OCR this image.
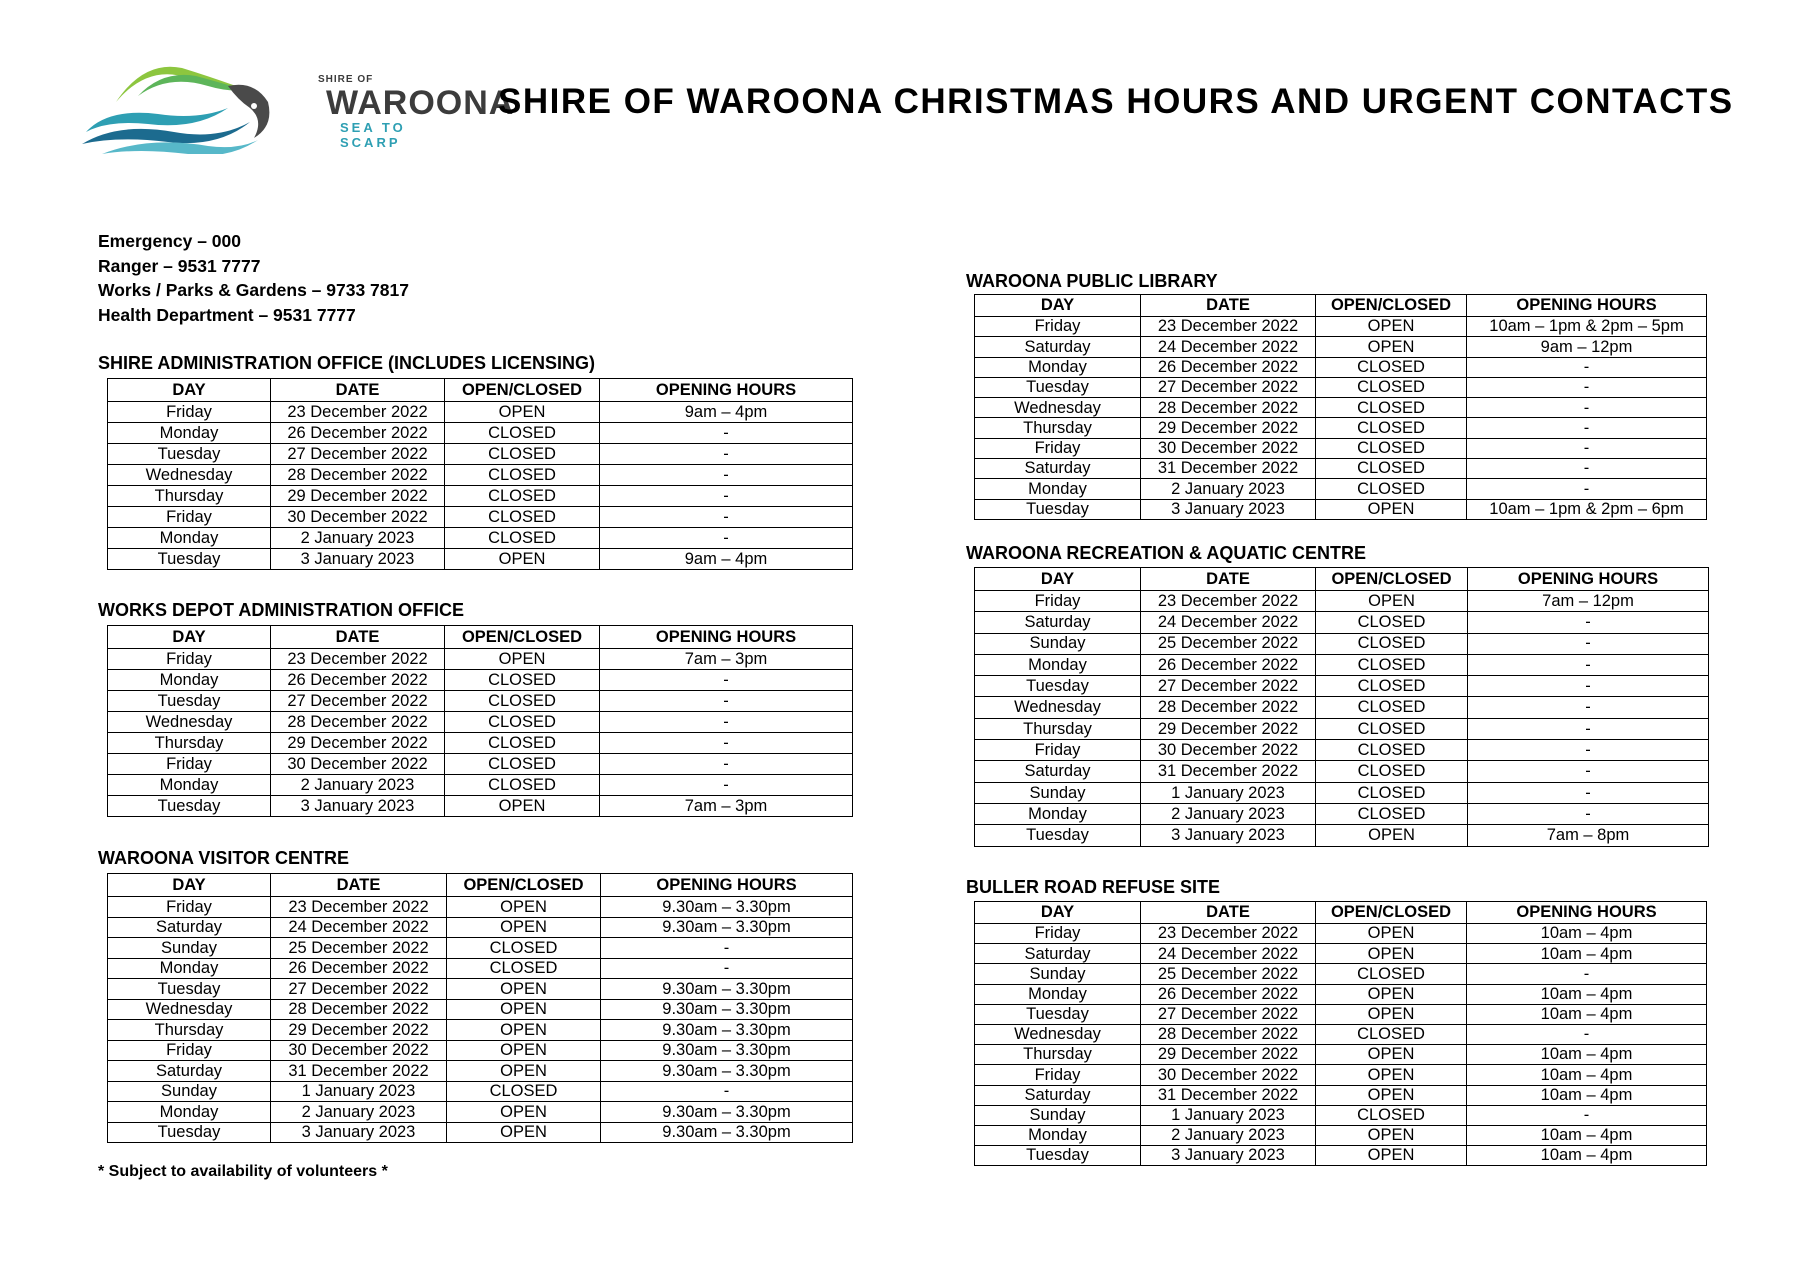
SHIRE OF
WAROONA
SEA TO SCARP
SHIRE OF WAROONA CHRISTMAS HOURS AND URGENT CONTACTS
Emergency – 000
Ranger – 9531 7777
Works / Parks & Gardens – 9733 7817
Health Department – 9531 7777
SHIRE ADMINISTRATION OFFICE (INCLUDES LICENSING)
WORKS DEPOT ADMINISTRATION OFFICE
WAROONA VISITOR CENTRE
WAROONA PUBLIC LIBRARY
WAROONA RECREATION & AQUATIC CENTRE
BULLER ROAD REFUSE SITE
DAY	DATE	OPEN/CLOSED	OPENING HOURS
Friday	23 December 2022	OPEN	9am – 4pm
Monday	26 December 2022	CLOSED	-
Tuesday	27 December 2022	CLOSED	-
Wednesday	28 December 2022	CLOSED	-
Thursday	29 December 2022	CLOSED	-
Friday	30 December 2022	CLOSED	-
Monday	2 January 2023	CLOSED	-
Tuesday	3 January 2023	OPEN	9am – 4pm
DAY	DATE	OPEN/CLOSED	OPENING HOURS
Friday	23 December 2022	OPEN	7am – 3pm
Monday	26 December 2022	CLOSED	-
Tuesday	27 December 2022	CLOSED	-
Wednesday	28 December 2022	CLOSED	-
Thursday	29 December 2022	CLOSED	-
Friday	30 December 2022	CLOSED	-
Monday	2 January 2023	CLOSED	-
Tuesday	3 January 2023	OPEN	7am – 3pm
DAY	DATE	OPEN/CLOSED	OPENING HOURS
Friday	23 December 2022	OPEN	9.30am – 3.30pm
Saturday	24 December 2022	OPEN	9.30am – 3.30pm
Sunday	25 December 2022	CLOSED	-
Monday	26 December 2022	CLOSED	-
Tuesday	27 December 2022	OPEN	9.30am – 3.30pm
Wednesday	28 December 2022	OPEN	9.30am – 3.30pm
Thursday	29 December 2022	OPEN	9.30am – 3.30pm
Friday	30 December 2022	OPEN	9.30am – 3.30pm
Saturday	31 December 2022	OPEN	9.30am – 3.30pm
Sunday	1 January 2023	CLOSED	-
Monday	2 January 2023	OPEN	9.30am – 3.30pm
Tuesday	3 January 2023	OPEN	9.30am – 3.30pm
DAY	DATE	OPEN/CLOSED	OPENING HOURS
Friday	23 December 2022	OPEN	10am – 1pm & 2pm – 5pm
Saturday	24 December 2022	OPEN	9am – 12pm
Monday	26 December 2022	CLOSED	-
Tuesday	27 December 2022	CLOSED	-
Wednesday	28 December 2022	CLOSED	-
Thursday	29 December 2022	CLOSED	-
Friday	30 December 2022	CLOSED	-
Saturday	31 December 2022	CLOSED	-
Monday	2 January 2023	CLOSED	-
Tuesday	3 January 2023	OPEN	10am – 1pm & 2pm – 6pm
DAY	DATE	OPEN/CLOSED	OPENING HOURS
Friday	23 December 2022	OPEN	7am – 12pm
Saturday	24 December 2022	CLOSED	-
Sunday	25 December 2022	CLOSED	-
Monday	26 December 2022	CLOSED	-
Tuesday	27 December 2022	CLOSED	-
Wednesday	28 December 2022	CLOSED	-
Thursday	29 December 2022	CLOSED	-
Friday	30 December 2022	CLOSED	-
Saturday	31 December 2022	CLOSED	-
Sunday	1 January 2023	CLOSED	-
Monday	2 January 2023	CLOSED	-
Tuesday	3 January 2023	OPEN	7am – 8pm
DAY	DATE	OPEN/CLOSED	OPENING HOURS
Friday	23 December 2022	OPEN	10am – 4pm
Saturday	24 December 2022	OPEN	10am – 4pm
Sunday	25 December 2022	CLOSED	-
Monday	26 December 2022	OPEN	10am – 4pm
Tuesday	27 December 2022	OPEN	10am – 4pm
Wednesday	28 December 2022	CLOSED	-
Thursday	29 December 2022	OPEN	10am – 4pm
Friday	30 December 2022	OPEN	10am – 4pm
Saturday	31 December 2022	OPEN	10am – 4pm
Sunday	1 January 2023	CLOSED	-
Monday	2 January 2023	OPEN	10am – 4pm
Tuesday	3 January 2023	OPEN	10am – 4pm
* Subject to availability of volunteers *
